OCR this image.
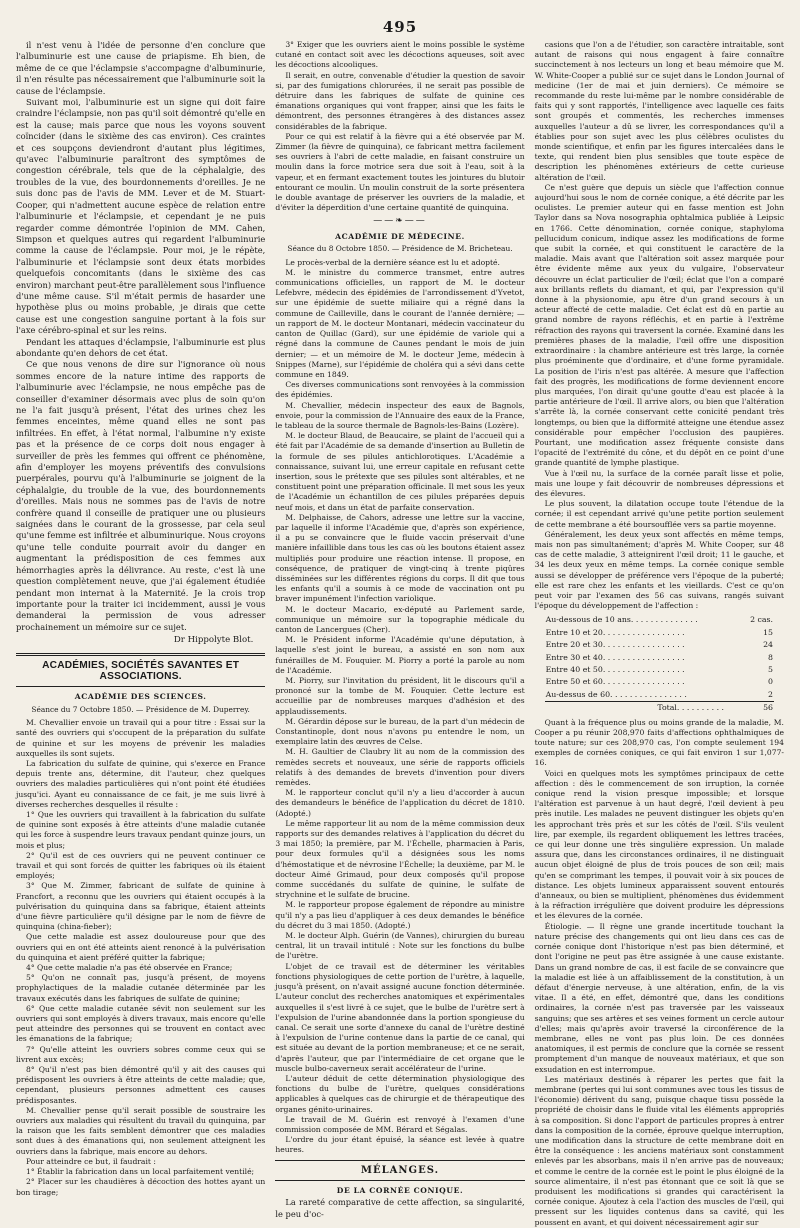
495

il n'est venu à l'idée de personne d'en conclure que l'albuminurie est une cause de priapisme. Eh bien, de même de ce que l'éclampsie s'accompagne d'albuminurie, il n'en résulte pas nécessairement que l'albuminurie soit la cause de l'éclampsie.

Suivant moi, l'albuminurie est un signe qui doit faire craindre l'éclampsie, non pas qu'il soit démontré qu'elle en est la cause; mais parce que nous les voyons souvent coïncider (dans le sixième des cas environ). Ces craintes et ces soupçons deviendront d'autant plus légitimes, qu'avec l'albuminurie paraîtront des symptômes de congestion cérébrale, tels que de la céphalalgie, des troubles de la vue, des bourdonnements d'oreilles. Je ne suis donc pas de l'avis de MM. Lever et de M. Stuart-Cooper, qui n'admettent aucune espèce de relation entre l'albuminurie et l'éclampsie, et cependant je ne puis regarder comme démontrée l'opinion de MM. Cahen, Simpson et quelques autres qui regardent l'albuminurie comme la cause de l'éclampsie. Pour moi, je le répète, l'albuminurie et l'éclampsie sont deux états morbides quelquefois concomitants (dans le sixième des cas environ) marchant peut-être parallèlement sous l'influence d'une même cause. S'il m'était permis de hasarder une hypothèse plus ou moins probable, je dirais que cette cause est une congestion sanguine portant à la fois sur l'axe cérébro-spinal et sur les reins.

Pendant les attaques d'éclampsie, l'albuminurie est plus abondante qu'en dehors de cet état.

Ce que nous venons de dire sur l'ignorance où nous sommes encore de la nature intime des rapports de l'albuminurie avec l'éclampsie, ne nous empêche pas de conseiller d'examiner désormais avec plus de soin qu'on ne l'a fait jusqu'à présent, l'état des urines chez les femmes enceintes, même quand elles ne sont pas infiltrées. En effet, à l'état normal, l'albumine n'y existe pas et la présence de ce corps doit nous engager à surveiller de près les femmes qui offrent ce phénomène, afin d'employer les moyens préventifs des convulsions puerpérales, pourvu qu'à l'albuminurie se joignent de la céphalalgie, du trouble de la vue, des bourdonnements d'oreilles. Mais nous ne sommes pas de l'avis de notre confrère quand il conseille de pratiquer une ou plusieurs saignées dans le courant de la grossesse, par cela seul qu'une femme est infiltrée et albuminurique. Nous croyons qu'une telle conduite pourrait avoir du danger en augmentant la prédisposition de ces femmes aux hémorrhagies après la délivrance. Au reste, c'est là une question complètement neuve, que j'ai également étudiée pendant mon internat à la Maternité. Je la crois trop importante pour la traiter ici incidemment, aussi je vous demanderai la permission de vous adresser prochainement un mémoire sur ce sujet.

Dr Hippolyte Blot.
ACADÉMIES, SOCIÉTÉS SAVANTES ET ASSOCIATIONS.
ACADÉMIE DES SCIENCES.
Séance du 7 Octobre 1850. — Présidence de M. Duperrey.

M. Chevallier envoie un travail qui a pour titre : Essai sur la santé des ouvriers qui s'occupent de la préparation du sulfate de quinine et sur les moyens de prévenir les maladies auxquelles ils sont sujets.

La fabrication du sulfate de quinine, qui s'exerce en France depuis trente ans, détermine, dit l'auteur, chez quelques ouvriers des maladies particulières qui n'ont point été étudiées jusqu'ici. Ayant eu connaissance de ce fait, je me suis livré à diverses recherches desquelles il résulte :

1° Que les ouvriers qui travaillent à la fabrication du sulfate de quinine sont exposés à être atteints d'une maladie cutanée qui les force à suspendre leurs travaux pendant quinze jours, un mois et plus;

2° Qu'il est de ces ouvriers qui ne peuvent continuer ce travail et qui sont forcés de quitter les fabriques où ils étaient employés;

3° Que M. Zimmer, fabricant de sulfate de quinine à Francfort, a reconnu que les ouvriers qui étaient occupés à la pulvérisation du quinquina dans sa fabrique, étaient atteints d'une fièvre particulière qu'il désigne par le nom de fièvre de quinquina (china-fieber);

Que cette maladie est assez douloureuse pour que des ouvriers qui en ont été atteints aient renoncé à la pulvérisation du quinquina et aient préféré quitter la fabrique;

4° Que cette maladie n'a pas été observée en France;

5° Qu'on ne connaît pas, jusqu'à présent, de moyens prophylactiques de la maladie cutanée déterminée par les travaux exécutés dans les fabriques de sulfate de quinine;

6° Que cette maladie cutanée sévit non seulement sur les ouvriers qui sont employés à divers travaux, mais encore qu'elle peut atteindre des personnes qui se trouvent en contact avec les émanations de la fabrique;

7° Qu'elle atteint les ouvriers sobres comme ceux qui se livrent aux excès;

8° Qu'il n'est pas bien démontré qu'il y ait des causes qui prédisposent les ouvriers à être atteints de cette maladie; que, cependant, plusieurs personnes admettent ces causes prédisposantes.

M. Chevallier pense qu'il serait possible de soustraire les ouvriers aux maladies qui résultent du travail du quinquina, par la raison que les faits semblent démontrer que ces maladies sont dues à des émanations qui, non seulement atteignent les ouvriers dans la fabrique, mais encore au dehors.

Pour atteindre ce but, il faudrait :

1° Établir la fabrication dans un local parfaitement ventilé;

2° Placer sur les chaudières à décoction des hottes ayant un bon tirage;

3° Exiger que les ouvriers aient le moins possible le système cutané en contact soit avec les décoctions aqueuses, soit avec les décoctions alcooliques.

Il serait, en outre, convenable d'étudier la question de savoir si, par des fumigations chlorurées, il ne serait pas possible de détruire dans les fabriques de sulfate de quinine ces émanations organiques qui vont frapper, ainsi que les faits le démontrent, des personnes étrangères à des distances assez considérables de la fabrique.

Pour ce qui est relatif à la fièvre qui a été observée par M. Zimmer (la fièvre de quinquina), ce fabricant mettra facilement ses ouvriers à l'abri de cette maladie, en faisant construire un moulin dans la force motrice sera due soit à l'eau, soit à la vapeur, et en fermant exactement toutes les jointures du blutoir entourant ce moulin. Un moulin construit de la sorte présentera le double avantage de préserver les ouvriers de la maladie, et d'éviter la déperdition d'une certaine quantité de quinquina.

——❧——
ACADÉMIE DE MÉDECINE.
Séance du 8 Octobre 1850. — Présidence de M. Bricheteau.

Le procès-verbal de la dernière séance est lu et adopté.

M. le ministre du commerce transmet, entre autres communications officielles, un rapport de M. le docteur Lefebvre, médecin des épidémies de l'arrondissement d'Yvetot, sur une épidémie de suette miliaire qui a régné dans la commune de Cailleville, dans le courant de l'année dernière; — un rapport de M. le docteur Montanari, médecin vaccinateur du canton de Quillac (Gard), sur une épidémie de variole qui a régné dans la commune de Caunes pendant le mois de juin dernier; — et un mémoire de M. le docteur Jeme, médecin à Snippes (Marne), sur l'épidémie de choléra qui a sévi dans cette commune en 1849.

Ces diverses communications sont renvoyées à la commission des épidémies.

M. Chevallier, médecin inspecteur des eaux de Bagnols, envoie, pour la commission de l'Annuaire des eaux de la France, le tableau de la source thermale de Bagnols-les-Bains (Lozère).

M. le docteur Blaud, de Beaucaire, se plaint de l'accueil qui a été fait par l'Académie de sa demande d'insertion au Bulletin de la formule de ses pilules antichlorotiques. L'Académie a connaissance, suivant lui, une erreur capitale en refusant cette insertion, sous le prétexte que ses pilules sont altérables, et ne constituent point une préparation officinale. Il met sous les yeux de l'Académie un échantillon de ces pilules préparées depuis neuf mois, et dans un état de parfaite conservation.

M. Delphaisse, de Cahors, adresse une lettre sur la vaccine, par laquelle il informe l'Académie que, d'après son expérience, il a pu se convaincre que le fluide vaccin préservait d'une manière infaillible dans tous les cas où les boutons étaient assez multipliés pour produire une réaction intense. Il propose, en conséquence, de pratiquer de vingt-cinq à trente piqûres disséminées sur les différentes régions du corps. Il dit que tous les enfants qu'il a soumis à ce mode de vaccination ont pu braver impunément l'infection variolique.

M. le docteur Macario, ex-député au Parlement sarde, communique un mémoire sur la topographie médicale du canton de Lancergues (Cher).

M. le Président informe l'Académie qu'une députation, à laquelle s'est joint le bureau, a assisté en son nom aux funérailles de M. Fouquier. M. Piorry a porté la parole au nom de l'Académie.

M. Piorry, sur l'invitation du président, lit le discours qu'il a prononcé sur la tombe de M. Fouquier. Cette lecture est accueillie par de nombreuses marques d'adhésion et des applaudissements.

M. Gérardin dépose sur le bureau, de la part d'un médecin de Constantinople, dont nous n'avons pu entendre le nom, un exemplaire latin des œuvres de Celse.

M. H. Gaultier de Claubry lit au nom de la commission des remèdes secrets et nouveaux, une série de rapports officiels relatifs à des demandes de brevets d'invention pour divers remèdes.

M. le rapporteur conclut qu'il n'y a lieu d'accorder à aucun des demandeurs le bénéfice de l'application du décret de 1810. (Adopté.)

Le même rapporteur lit au nom de la même commission deux rapports sur des demandes relatives à l'application du décret du 3 mai 1850; la première, par M. l'Échelle, pharmacien à Paris, pour deux formules qu'il a désignées sous les noms d'hémostatique et de névrosine l'Échelle; la deuxième, par M. le docteur Aimé Grimaud, pour deux composés qu'il propose comme succédanés du sulfate de quinine, le sulfate de strychnine et le sulfate de brucine.

M. le rapporteur propose également de répondre au ministre qu'il n'y a pas lieu d'appliquer à ces deux demandes le bénéfice du décret du 3 mai 1850. (Adopté.)

M. le docteur Alph. Guérin (de Vannes), chirurgien du bureau central, lit un travail intitulé : Note sur les fonctions du bulbe de l'urètre.

L'objet de ce travail est de déterminer les véritables fonctions physiologiques de cette portion de l'urètre, à laquelle, jusqu'à présent, on n'avait assigné aucune fonction déterminée. L'auteur conclut des recherches anatomiques et expérimentales auxquelles il s'est livré à ce sujet, que le bulbe de l'urètre sert à l'expulsion de l'urine abandonnée dans la portion spongieuse du canal. Ce serait une sorte d'annexe du canal de l'urètre destiné à l'expulsion de l'urine contenue dans la partie de ce canal, qui est située au devant de la portion membraneuse; et ce ne serait, d'après l'auteur, que par l'intermédiaire de cet organe que le muscle bulbo-caverneux serait accélérateur de l'urine.

L'auteur déduit de cette détermination physiologique des fonctions du bulbe de l'urètre, quelques considérations applicables à quelques cas de chirurgie et de thérapeutique des organes génito-urinaires.

Le travail de M. Guérin est renvoyé à l'examen d'une commission composée de MM. Bérard et Ségalas.

L'ordre du jour étant épuisé, la séance est levée à quatre heures.

MÉLANGES.
DE LA CORNÉE CONIQUE.

La rareté comparative de cette affection, sa singularité, le peu d'oc-

casions que l'on a de l'étudier, son caractère intraitable, sont autant de raisons qui nous engagent à faire connaître succinctement à nos lecteurs un long et beau mémoire que M. W. White-Cooper a publié sur ce sujet dans le London Journal of medicine (1er de mai et juin derniers). Ce mémoire se recommande du reste lui-même par le nombre considérable de faits qui y sont rapportés, l'intelligence avec laquelle ces faits sont groupés et commentés, les recherches immenses auxquelles l'auteur a dû se livrer, les correspondances qu'il a établies pour son sujet avec les plus célèbres oculistes du monde scientifique, et enfin par les figures intercalées dans le texte, qui rendent bien plus sensibles que toute espèce de description les phénomènes extérieurs de cette curieuse altération de l'œil.

Ce n'est guère que depuis un siècle que l'affection connue aujourd'hui sous le nom de cornée conique, a été décrite par les oculistes. Le premier auteur qui en fasse mention est John Taylor dans sa Nova nosographia ophtalmica publiée à Leipsic en 1766. Cette dénomination, cornée conique, staphyloma pellucidum conicum, indique assez les modifications de forme que subit la cornée, et qui constituent le caractère de la maladie. Mais avant que l'altération soit assez marquée pour être évidente même aux yeux du vulgaire, l'observateur découvre un éclat particulier de l'œil; éclat que l'on a comparé aux brillants reflets du diamant, et qui, par l'expression qu'il donne à la physionomie, apu être d'un grand secours à un acteur affecté de cette maladie. Cet éclat est dû en partie au grand nombre de rayons réfléchis, et en partie à l'extrême réfraction des rayons qui traversent la cornée. Examiné dans les premières phases de la maladie, l'œil offre une disposition extraordinaire : la chambre antérieure est très large, la cornée plus proéminente que d'ordinaire, et d'une forme pyramidale. La position de l'iris n'est pas altérée. A mesure que l'affection fait des progrès, les modifications de forme deviennent encore plus marquées, l'on dirait qu'une goutte d'eau est placée à la partie antérieure de l'œil. Il arrive alors, ou bien que l'altération s'arrête là, la cornée conservant cette conicité pendant très longtemps, ou bien que la difformité atteigne une étendue assez considérable pour empêcher l'occlusion des paupières. Pourtant, une modification assez fréquente consiste dans l'opacité de l'extrémité du cône, et du dépôt en ce point d'une grande quantité de lymphe plastique.

Vue à l'œil nu, la surface de la cornée paraît lisse et polie, mais une loupe y fait découvrir de nombreuses dépressions et des élevures.

Le plus souvent, la dilatation occupe toute l'étendue de la cornée; il est cependant arrivé qu'une petite portion seulement de cette membrane a été boursoufflée vers sa partie moyenne.

Généralement, les deux yeux sont affectés en même temps, mais non pas simultanément; d'après M. White Cooper, sur 48 cas de cette maladie, 3 atteignirent l'œil droit; 11 le gauche, et 34 les deux yeux en même temps. La cornée conique semble aussi se développer de préférence vers l'époque de la puberté; elle est rare chez les enfants et les vieillards. C'est ce qu'on peut voir par l'examen des 56 cas suivans, rangés suivant l'époque du développement de l'affection :

Au-dessous de 10 ans. . . . . . . . . . . . . .	2 cas.
Entre 10 et 20. . . . . . . . . . . . . . . . .	15
Entre 20 et 30. . . . . . . . . . . . . . . . .	24
Entre 30 et 40. . . . . . . . . . . . . . . . .	8
Entre 40 et 50. . . . . . . . . . . . . . . . .	5
Entre 50 et 60. . . . . . . . . . . . . . . . .	0
Au-dessus de 60. . . . . . . . . . . . . . . .	2
Total. . . . . . . . . .	56

Quant à la fréquence plus ou moins grande de la maladie, M. Cooper a pu réunir 208,970 faits d'affections ophthalmiques de toute nature; sur ces 208,970 cas, l'on compte seulement 194 exemples de cornées coniques, ce qui fait environ 1 sur 1,077-16.

Voici en quelques mots les symptômes principaux de cette affection : dès le commencement de son irruption, la cornée conique rend la vision presque impossible; et lorsque l'altération est parvenue à un haut degré, l'œil devient à peu près inutile. Les malades ne peuvent distinguer les objets qu'en les approchant très près et sur les côtés de l'œil. S'ils veulent lire, par exemple, ils regardent obliquement les lettres tracées, ce qui leur donne une très singulière expression. Un malade assura que, dans les circonstances ordinaires, il ne distinguait aucun objet éloigné de plus de trois pouces de son œil; mais qu'en se comprimant les tempes, il pouvait voir à six pouces de distance. Les objets lumineux apparaissent souvent entourés d'anneaux, ou bien se multiplient, phénomènes dus évidemment à la réfraction irrégulière que doivent produire les dépressions et les élevures de la cornée.

Étiologie. — Il règne une grande incertitude touchant la nature précise des changements qui ont lieu dans ces cas de cornée conique dont l'historique n'est pas bien déterminé, et dont l'origine ne peut pas être assignée à une cause existante. Dans un grand nombre de cas, il est facile de se convaincre que la maladie est liée à un affaiblissement de la constitution, à un défaut d'énergie nerveuse, à une altération, enfin, de la vis vitae. Il a été, en effet, démontré que, dans les conditions ordinaires, la cornée n'est pas traversée par les vaisseaux sanguins; que ses artères et ses veines forment un cercle autour d'elles; mais qu'après avoir traversé la circonférence de la membrane, elles ne vont pas plus loin. De ces données anatomiques, il est permis de conclure que la cornée se ressent promptement d'un manque de nouveaux matériaux, et que son exsudation en est interrompue.

Les matériaux destinés à réparer les pertes que fait la membrane (pertes qui lui sont communes avec tous les tissus de l'économie) dérivent du sang, puisque chaque tissu possède la propriété de choisir dans le fluide vital les éléments appropriés à sa composition. Si donc l'apport de particules propres à entrer dans la composition de la cornée, éprouve quelque interruption, une modification dans la structure de cette membrane doit en être la conséquence : les anciens matériaux sont constamment enlevés par les absorbans, mais il n'en arrive pas de nouveaux; et comme le centre de la cornée est le point le plus éloigné de la source alimentaire, il n'est pas étonnant que ce soit là que se produisent les modifications si grandes qui caractérisent la cornée conique. Ajoutez à cela l'action des muscles de l'œil, qui pressent sur les liquides contenus dans sa cavité, qui les poussent en avant, et qui doivent nécessairement agir sur
